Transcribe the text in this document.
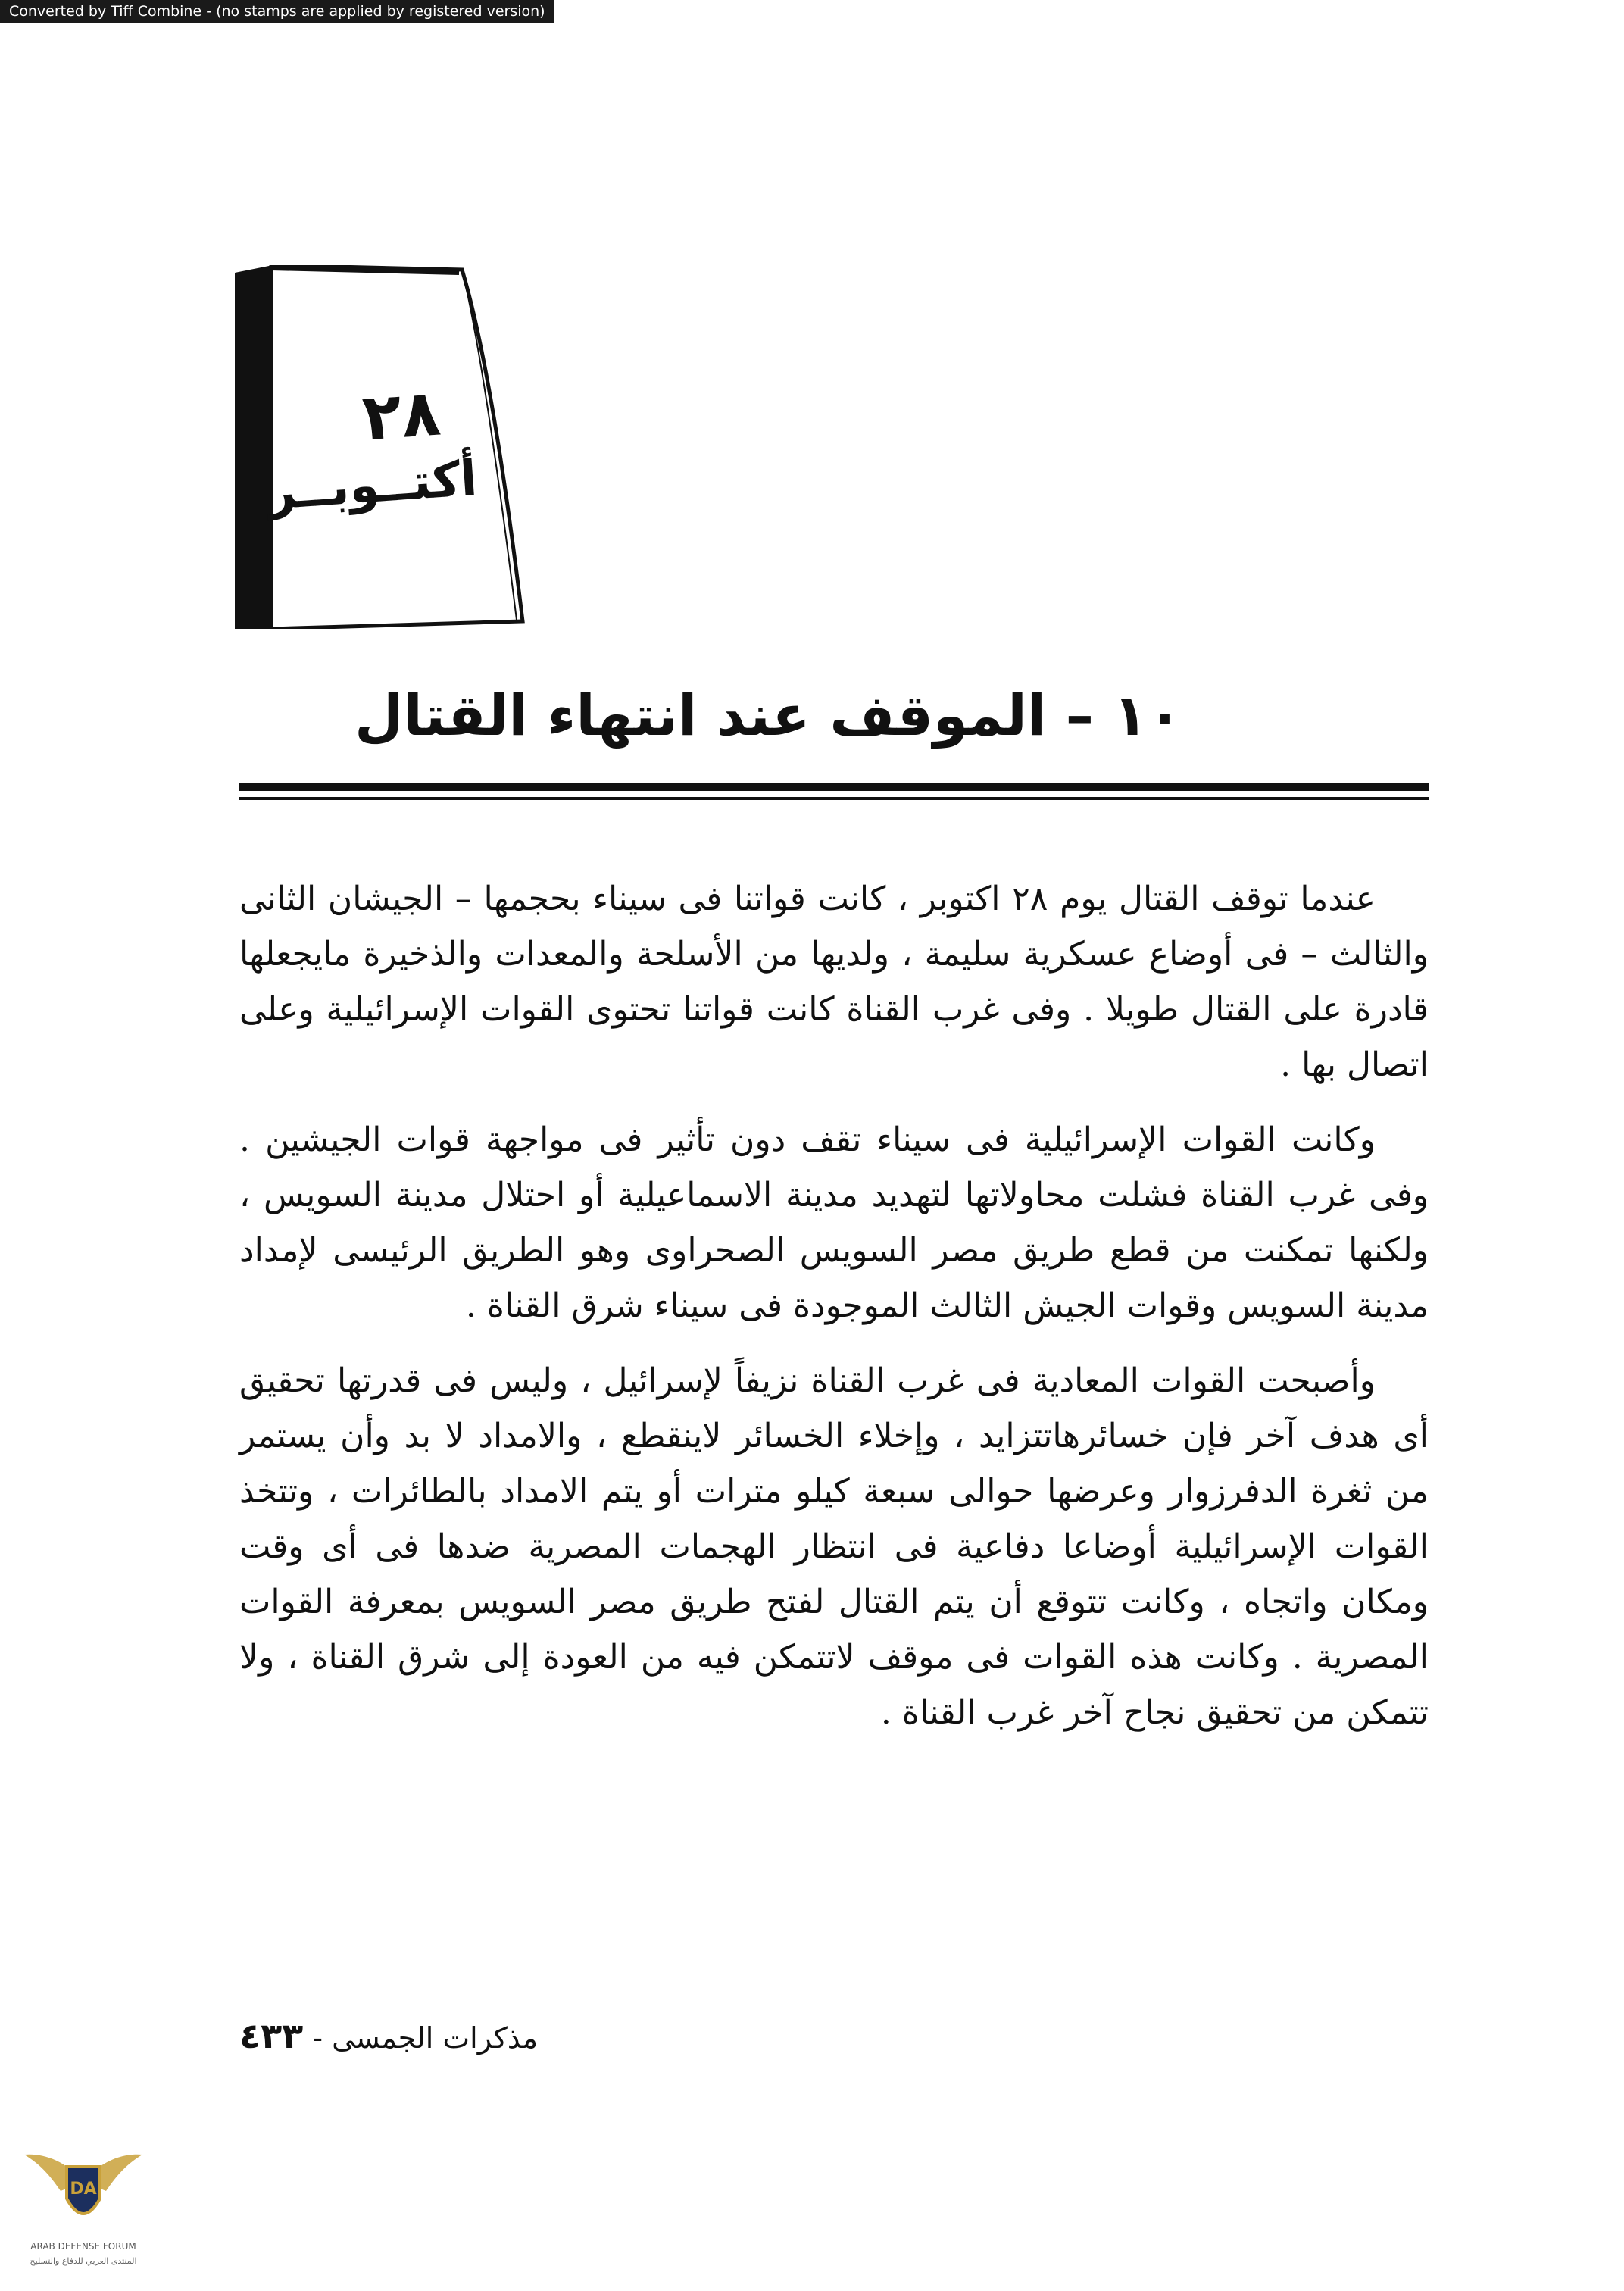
Converted by Tiff Combine - (no stamps are applied by registered version)
٢٨
أكتــوبــر
١٠ – الموقف عند انتهاء القتال

عندما توقف القتال يوم ٢٨ اكتوبر ، كانت قواتنا فى سيناء بحجمها – الجيشان الثانى والثالث – فى أوضاع عسكرية سليمة ، ولديها من الأسلحة والمعدات والذخيرة مايجعلها قادرة على القتال طويلا . وفى غرب القناة كانت قواتنا تحتوى القوات الإسرائيلية وعلى اتصال بها .

وكانت القوات الإسرائيلية فى سيناء تقف دون تأثير فى مواجهة قوات الجيشين . وفى غرب القناة فشلت محاولاتها لتهديد مدينة الاسماعيلية أو احتلال مدينة السويس ، ولكنها تمكنت من قطع طريق مصر السويس الصحراوى وهو الطريق الرئيسى لإمداد مدينة السويس وقوات الجيش الثالث الموجودة فى سيناء شرق القناة .

وأصبحت القوات المعادية فى غرب القناة نزيفاً لإسرائيل ، وليس فى قدرتها تحقيق أى هدف آخر فإن خسائرهاتتزايد ، وإخلاء الخسائر لاينقطع ، والامداد لا بد وأن يستمر من ثغرة الدفرزوار وعرضها حوالى سبعة كيلو مترات أو يتم الامداد بالطائرات ، وتتخذ القوات الإسرائيلية أوضاعا دفاعية فى انتظار الهجمات المصرية ضدها فى أى وقت ومكان واتجاه ، وكانت تتوقع أن يتم القتال لفتح طريق مصر السويس بمعرفة القوات المصرية . وكانت هذه القوات فى موقف لاتتمكن فيه من العودة إلى شرق القناة ، ولا تتمكن من تحقيق نجاح آخر غرب القناة .

مذكرات الجمسى - ٤٣٣
DA
ARAB DEFENSE FORUM
المنتدى العربي للدفاع والتسليح
